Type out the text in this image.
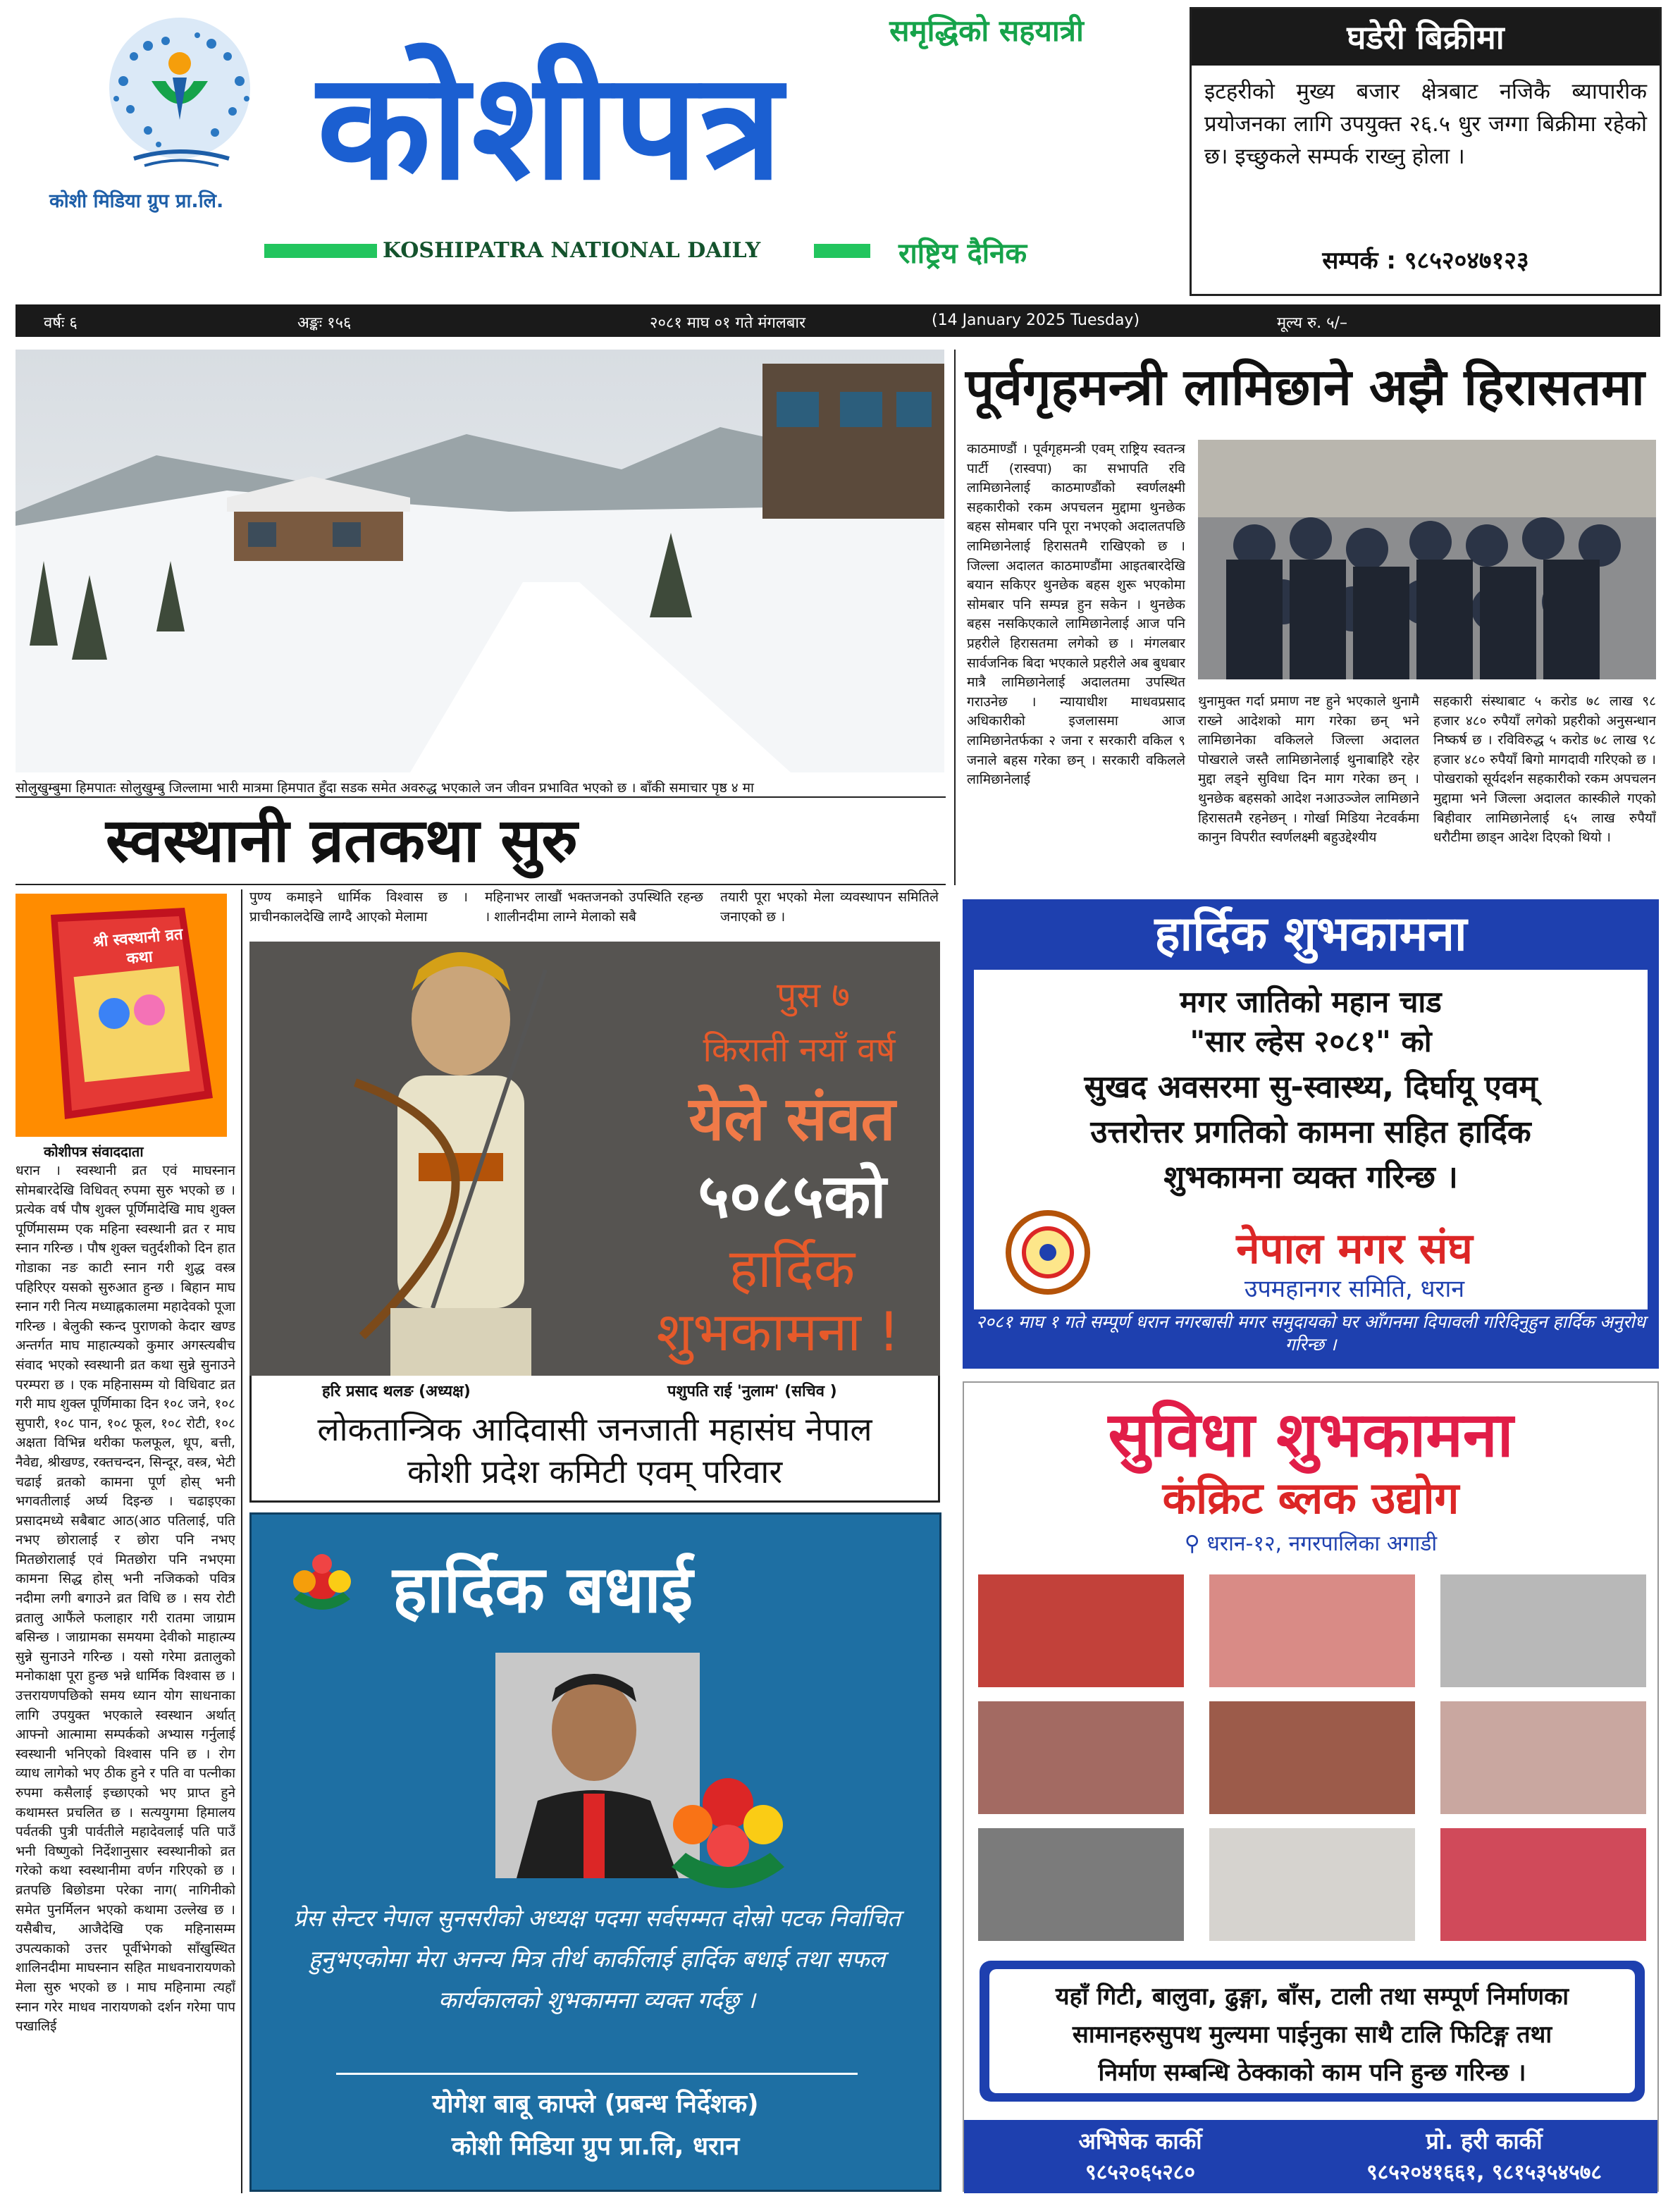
कोशी मिडिया ग्रुप प्रा.लि.
समृद्धिको सहयात्री
कोशीपत्र
KOSHIPATRA NATIONAL DAILY	राष्ट्रिय दैनिक
घडेरी बिक्रीमा
इटहरीको मुख्य बजार क्षेत्रबाट नजिकै ब्यापारीक प्रयोजनका लागि उपयुक्त २६.५ धुर जग्गा बिक्रीमा रहेको छ। इच्छुकले सम्पर्क राख्नु होला ।
सम्पर्क : ९८५२०४७१२३
वर्षः ६	अङ्कः १५६	२०८१ माघ ०१ गते मंगलबार	(14 January 2025 Tuesday)	मूल्य रु. ५/–
सोलुखुम्बुमा हिमपातः सोलुखुम्बु जिल्लामा भारी मात्रमा हिमपात हुँदा सडक समेत अवरुद्ध भएकाले जन जीवन प्रभावित भएको छ । बाँकी समाचार पृष्ठ ४ मा
पूर्वगृहमन्त्री लामिछाने अझै हिरासतमा
काठमाण्डौं । पूर्वगृहमन्त्री एवम् राष्ट्रिय स्वतन्त्र पार्टी (रास्वपा) का सभापति रवि लामिछानेलाई काठमाण्डौंको स्वर्णलक्ष्मी सहकारीको रकम अपचलन मुद्दामा थुनछेक बहस सोमबार पनि पूरा नभएको अदालतपछि लामिछानेलाई हिरासतमै राखिएको छ । जिल्ला अदालत काठमाण्डौंमा आइतबारदेखि बयान सकिएर थुनछेक बहस शुरू भएकोमा सोमबार पनि सम्पन्न हुन सकेन । थुनछेक बहस नसकिएकाले लामिछानेलाई आज पनि प्रहरीले हिरासतमा लगेको छ । मंगलबार सार्वजनिक बिदा भएकाले प्रहरीले अब बुधबार मात्रै लामिछानेलाई अदालतमा उपस्थित गराउनेछ । न्यायाधीश माधवप्रसाद अधिकारीको इजलासमा आज लामिछानेतर्फका २ जना र सरकारी वकिल ९ जनाले बहस गरेका छन् । सरकारी वकिलले लामिछानेलाई
थुनामुक्त गर्दा प्रमाण नष्ट हुने भएकाले थुनामै राख्ने आदेशको माग गरेका छन् भने लामिछानेका वकिलले जिल्ला अदालत पोखराले जस्तै लामिछानेलाई थुनाबाहिरै रहेर मुद्दा लड्ने सुविधा दिन माग गरेका छन् । थुनछेक बहसको आदेश नआउञ्जेल लामिछाने हिरासतमै रहनेछन् । गोर्खा मिडिया नेटवर्कमा कानुन विपरीत स्वर्णलक्ष्मी बहुउद्देश्यीय
सहकारी संस्थाबाट ५ करोड ७८ लाख ९८ हजार ४८० रुपैयाँ लगेको प्रहरीको अनुसन्धान निष्कर्ष छ । रविविरुद्ध ५ करोड ७८ लाख ९८ हजार ४८० रुपैयाँ बिगो मागदावी गरिएको छ । पोखराको सूर्यदर्शन सहकारीको रकम अपचलन मुद्दामा भने जिल्ला अदालत कास्कीले गएको बिहीवार लामिछानेलाई ६५ लाख रुपैयाँ धरौटीमा छाड्न आदेश दिएको थियो ।
स्वस्थानी व्रतकथा सुरु
श्री स्वस्थानी व्रत कथा
कोशीपत्र संवाददाता
धरान । स्वस्थानी व्रत एवं माघस्नान सोमबारदेखि विधिवत् रुपमा सुरु भएको छ । प्रत्येक वर्ष पौष शुक्ल पूर्णिमादेखि माघ शुक्ल पूर्णिमासम्म एक महिना स्वस्थानी व्रत र माघ स्नान गरिन्छ । पौष शुक्ल चतुर्दशीको दिन हात गोडाका नङ काटी स्नान गरी शुद्ध वस्त्र पहिरिएर यसको सुरुआत हुन्छ । बिहान माघ स्नान गरी नित्य मध्याह्नकालमा महादेवको पूजा गरिन्छ । बेलुकी स्कन्द पुराणको केदार खण्ड अन्तर्गत माघ माहात्म्यको कुमार अगस्त्यबीच संवाद भएको स्वस्थानी व्रत कथा सुन्ने सुनाउने परम्परा छ । एक महिनासम्म यो विधिवाट व्रत गरी माघ शुक्ल पूर्णिमाका दिन १०८ जने, १०८ सुपारी, १०८ पान, १०८ फूल, १०८ रोटी, १०८ अक्षता विभिन्न थरीका फलफूल, धूप, बत्ती, नैवेद्य, श्रीखण्ड, रक्तचन्दन, सिन्दूर, वस्त्र, भेटी चढाई व्रतको कामना पूर्ण होस् भनी भगवतीलाई अर्घ्य दिइन्छ । चढाइएका प्रसादमध्ये सबैबाट आठ(आठ पतिलाई, पति नभए छोरालाई र छोरा पनि नभए मितछोरालाई एवं मितछोरा पनि नभएमा कामना सिद्ध होस् भनी नजिकको पवित्र नदीमा लगी बगाउने व्रत विधि छ । सय रोटी व्रतालु आफैंले फलाहार गरी रातमा जाग्राम बसिन्छ । जाग्रामका समयमा देवीको माहात्म्य सुन्ने सुनाउने गरिन्छ । यसो गरेमा व्रतालुको मनोकाक्षा पूरा हुन्छ भन्ने धार्मिक विश्वास छ । उत्तरायणपछिको समय ध्यान योग साधनाका लागि उपयुक्त भएकाले स्वस्थान अर्थात् आफ्नो आत्मामा सम्पर्कको अभ्यास गर्नुलाई स्वस्थानी भनिएको विश्वास पनि छ । रोग व्याध लागेको भए ठीक हुने र पति वा पत्नीका रुपमा कसैलाई इच्छाएको भए प्राप्त हुने कथामस्त प्रचलित छ । सत्ययुगमा हिमालय पर्वतकी पुत्री पार्वतीले महादेवलाई पति पाउँ भनी विष्णुको निर्देशानुसार स्वस्थानीको व्रत गरेको कथा स्वस्थानीमा वर्णन गरिएको छ । व्रतपछि बिछोडमा परेका नाग( नागिनीको समेत पुनर्मिलन भएको कथामा उल्लेख छ । यसैबीच, आजैदेखि एक महिनासम्म उपत्यकाको उत्तर पूर्वीभेगको साँखुस्थित शालिनदीमा माघस्नान सहित माधवनारायणको मेला सुरु भएको छ । माघ महिनामा त्यहाँ स्नान गरेर माधव नारायणको दर्शन गरेमा पाप पखालिई
पुण्य कमाइने धार्मिक विश्वास छ । प्राचीनकालदेखि लाग्दै आएको मेलामा
महिनाभर लाखौं भक्तजनको उपस्थिति रहन्छ । शालीनदीमा लाग्ने मेलाको सबै
तयारी पूरा भएको मेला व्यवस्थापन समितिले जनाएको छ ।
पुस ७
किराती नयाँ वर्ष
येले संवत
५०८५को
हार्दिक
शुभकामना !
हरि प्रसाद थलङ (अध्यक्ष)	पशुपति राई 'नुलाम' (सचिव )
लोकतान्त्रिक आदिवासी जनजाती महासंघ नेपाल
कोशी प्रदेश कमिटी एवम् परिवार
हार्दिक शुभकामना
मगर जातिको महान चाड
"सार ल्हेस २०८१" को
सुखद अवसरमा सु-स्वास्थ्य, दिर्घायू एवम्
उत्तरोत्तर प्रगतिको कामना सहित हार्दिक
शुभकामना व्यक्त गरिन्छ ।
नेपाल मगर संघ
उपमहानगर समिति, धरान
२०८१ माघ १ गते सम्पूर्ण धरान नगरबासी मगर समुदायको घर आँगनमा दिपावली गरिदिनुहुन हार्दिक अनुरोध गरिन्छ ।
सुविधा शुभकामना
कंक्रिट ब्लक उद्योग
⚲ धरान-१२, नगरपालिका अगाडी
यहाँ गिटी, बालुवा, ढुङ्गा, बाँस, टाली तथा सम्पूर्ण निर्माणका
सामानहरुसुपथ मुल्यमा पाईनुका साथै टालि फिटिङ्ग तथा
निर्माण सम्बन्धि ठेक्काको काम पनि हुन्छ गरिन्छ ।
अभिषेक कार्की
९८५२०६५२८०
प्रो. हरी कार्की
९८५२०४१६६१, ९८१५३५४५७८
हार्दिक बधाई
प्रेस सेन्टर नेपाल सुनसरीको अध्यक्ष पदमा सर्वसम्मत दोस्रो पटक निर्वाचित हुनुभएकोमा मेरा अनन्य मित्र तीर्थ कार्कीलाई हार्दिक बधाई तथा सफल कार्यकालको शुभकामना व्यक्त गर्दछु ।
योगेश बाबू काफ्ले (प्रबन्ध निर्देशक)
कोशी मिडिया ग्रुप प्रा.लि, धरान
